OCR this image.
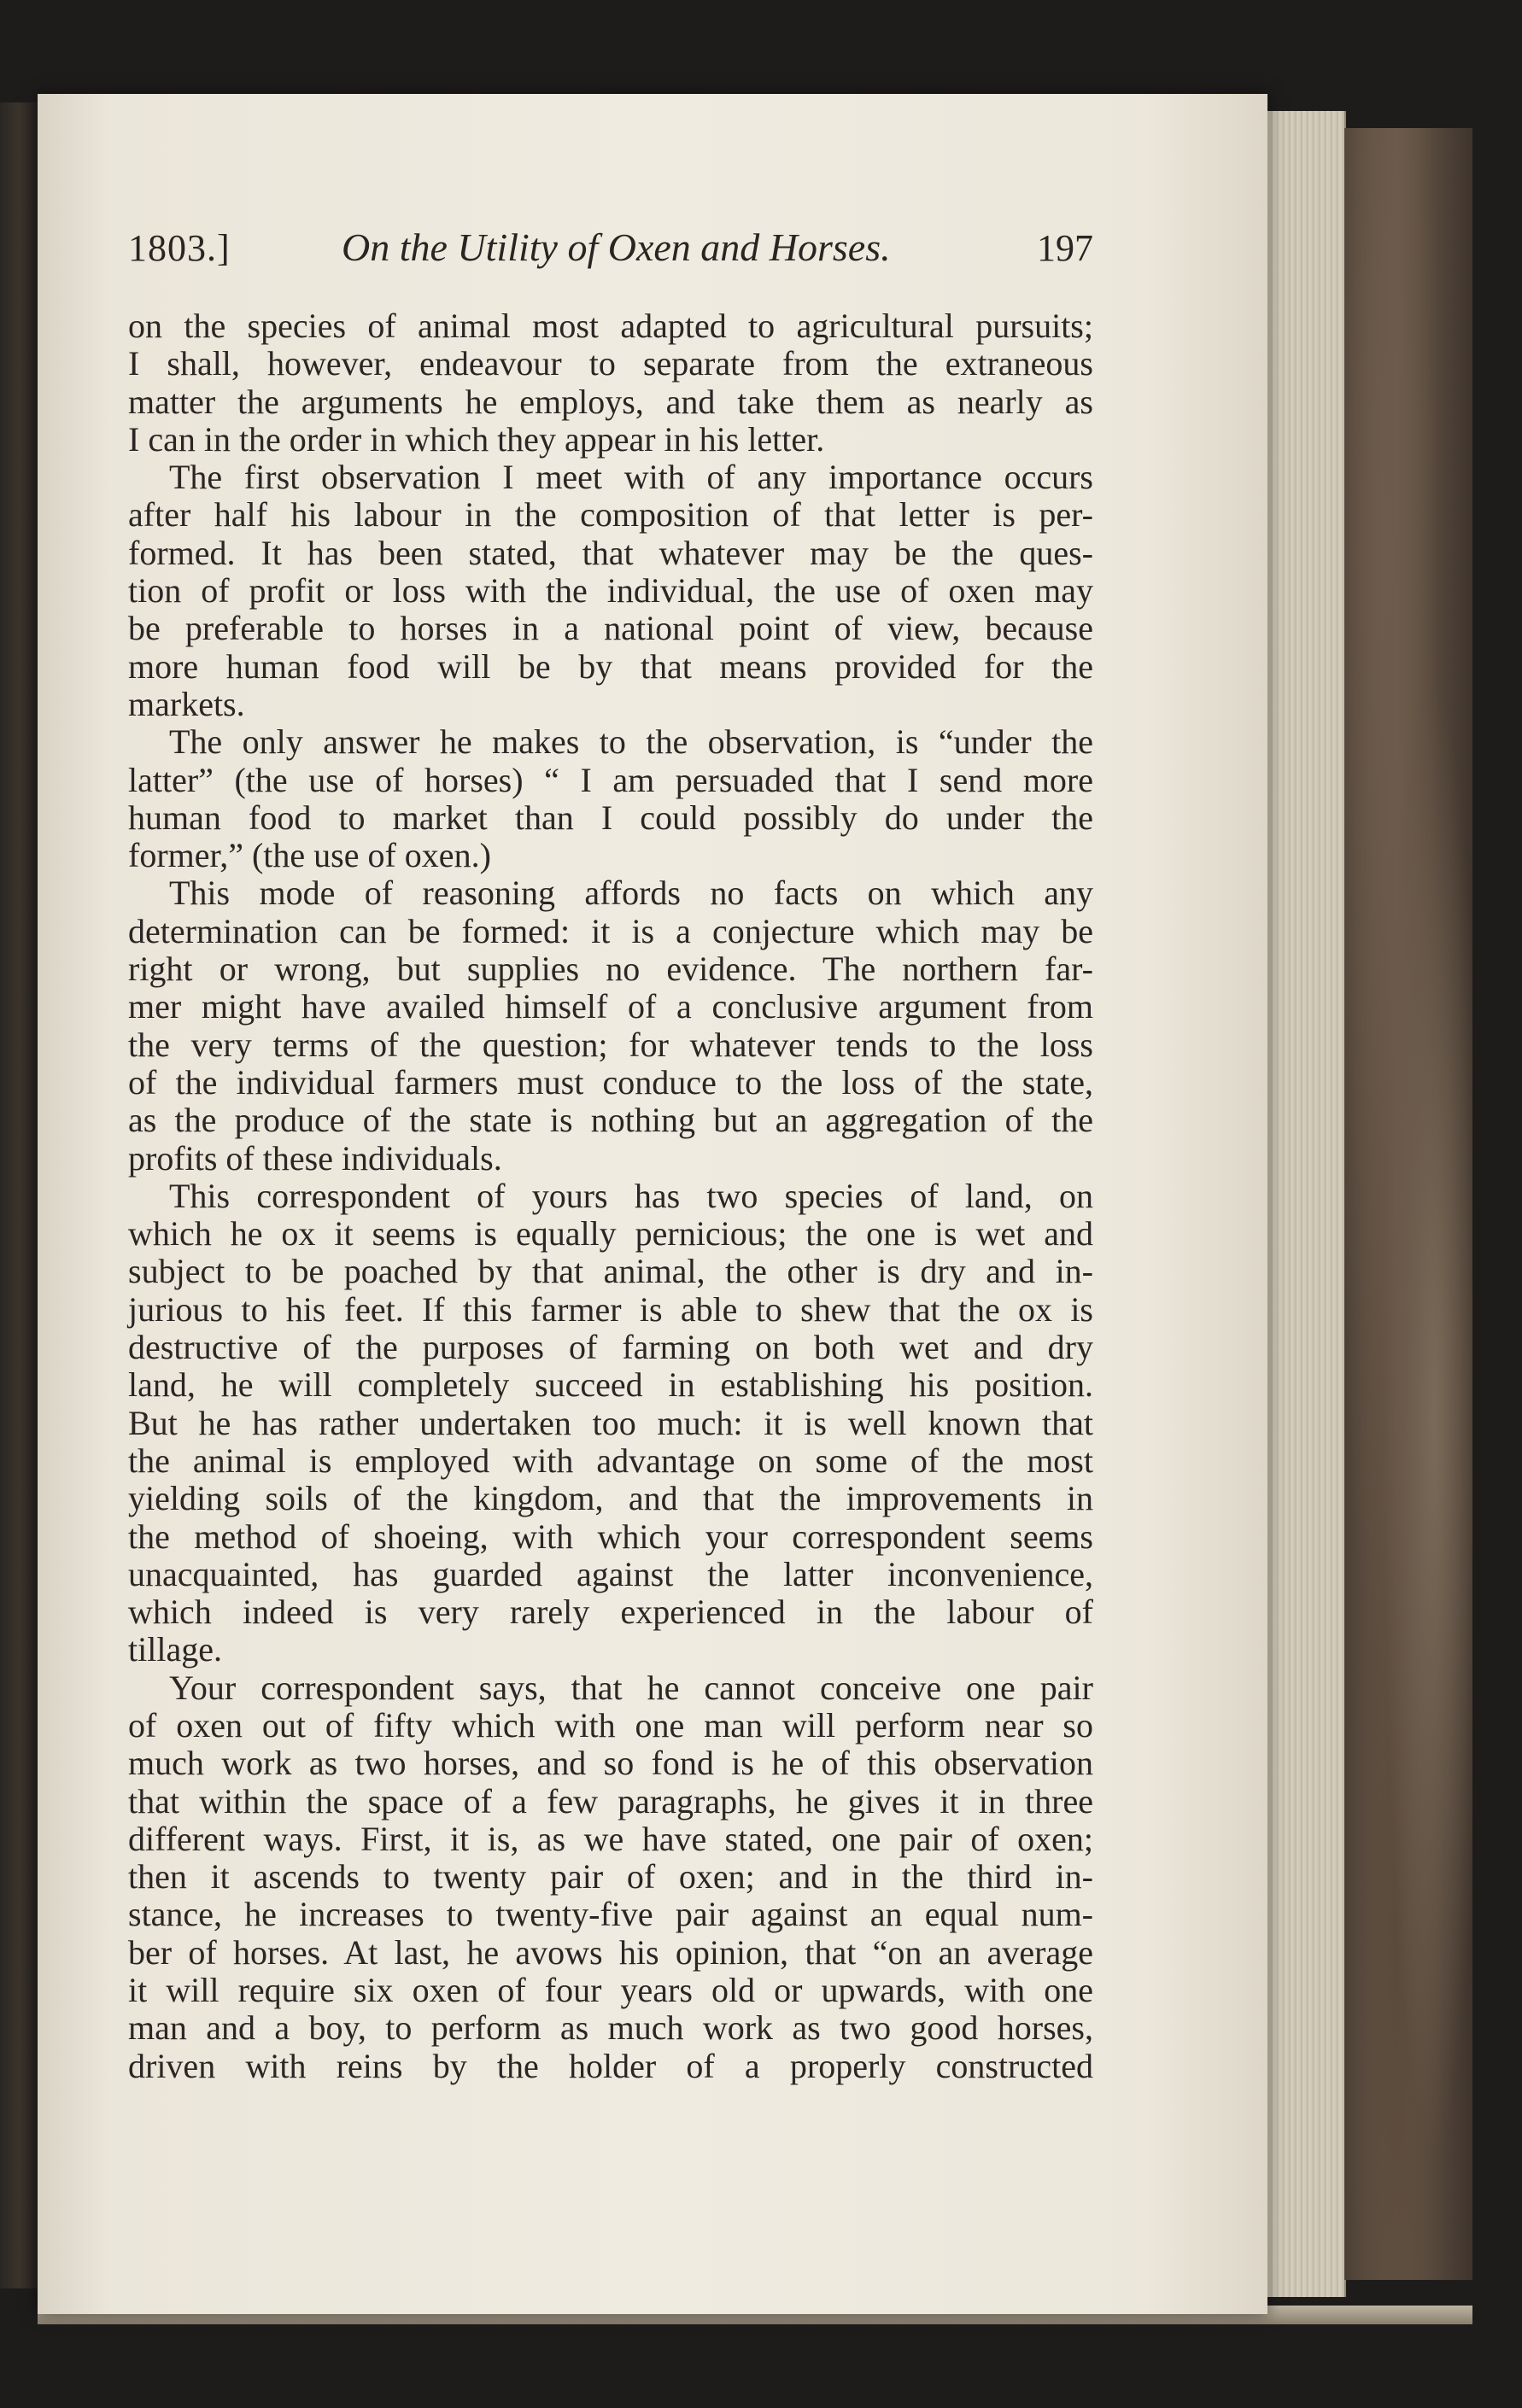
1803.]	On the Utility of Oxen and Horses.	197
on the species of animal most adapted to agricultural pursuits;
I shall, however, endeavour to separate from the extraneous
matter the arguments he employs, and take them as nearly as
I can in the order in which they appear in his letter.
The first observation I meet with of any importance occurs
after half his labour in the composition of that letter is per-
formed. It has been stated, that whatever may be the ques-
tion of profit or loss with the individual, the use of oxen may
be preferable to horses in a national point of view, because
more human food will be by that means provided for the
markets.
The only answer he makes to the observation, is “under the
latter” (the use of horses) “ I am persuaded that I send more
human food to market than I could possibly do under the
former,” (the use of oxen.)
This mode of reasoning affords no facts on which any
determination can be formed: it is a conjecture which may be
right or wrong, but supplies no evidence. The northern far-
mer might have availed himself of a conclusive argument from
the very terms of the question; for whatever tends to the loss
of the individual farmers must conduce to the loss of the state,
as the produce of the state is nothing but an aggregation of the
profits of these individuals.
This correspondent of yours has two species of land, on
which he ox it seems is equally pernicious; the one is wet and
subject to be poached by that animal, the other is dry and in-
jurious to his feet. If this farmer is able to shew that the ox is
destructive of the purposes of farming on both wet and dry
land, he will completely succeed in establishing his position.
But he has rather undertaken too much: it is well known that
the animal is employed with advantage on some of the most
yielding soils of the kingdom, and that the improvements in
the method of shoeing, with which your correspondent seems
unacquainted, has guarded against the latter inconvenience,
which indeed is very rarely experienced in the labour of
tillage.
Your correspondent says, that he cannot conceive one pair
of oxen out of fifty which with one man will perform near so
much work as two horses, and so fond is he of this observation
that within the space of a few paragraphs, he gives it in three
different ways. First, it is, as we have stated, one pair of oxen;
then it ascends to twenty pair of oxen; and in the third in-
stance, he increases to twenty-five pair against an equal num-
ber of horses. At last, he avows his opinion, that “on an average
it will require six oxen of four years old or upwards, with one
man and a boy, to perform as much work as two good horses,
driven with reins by the holder of a properly constructed
